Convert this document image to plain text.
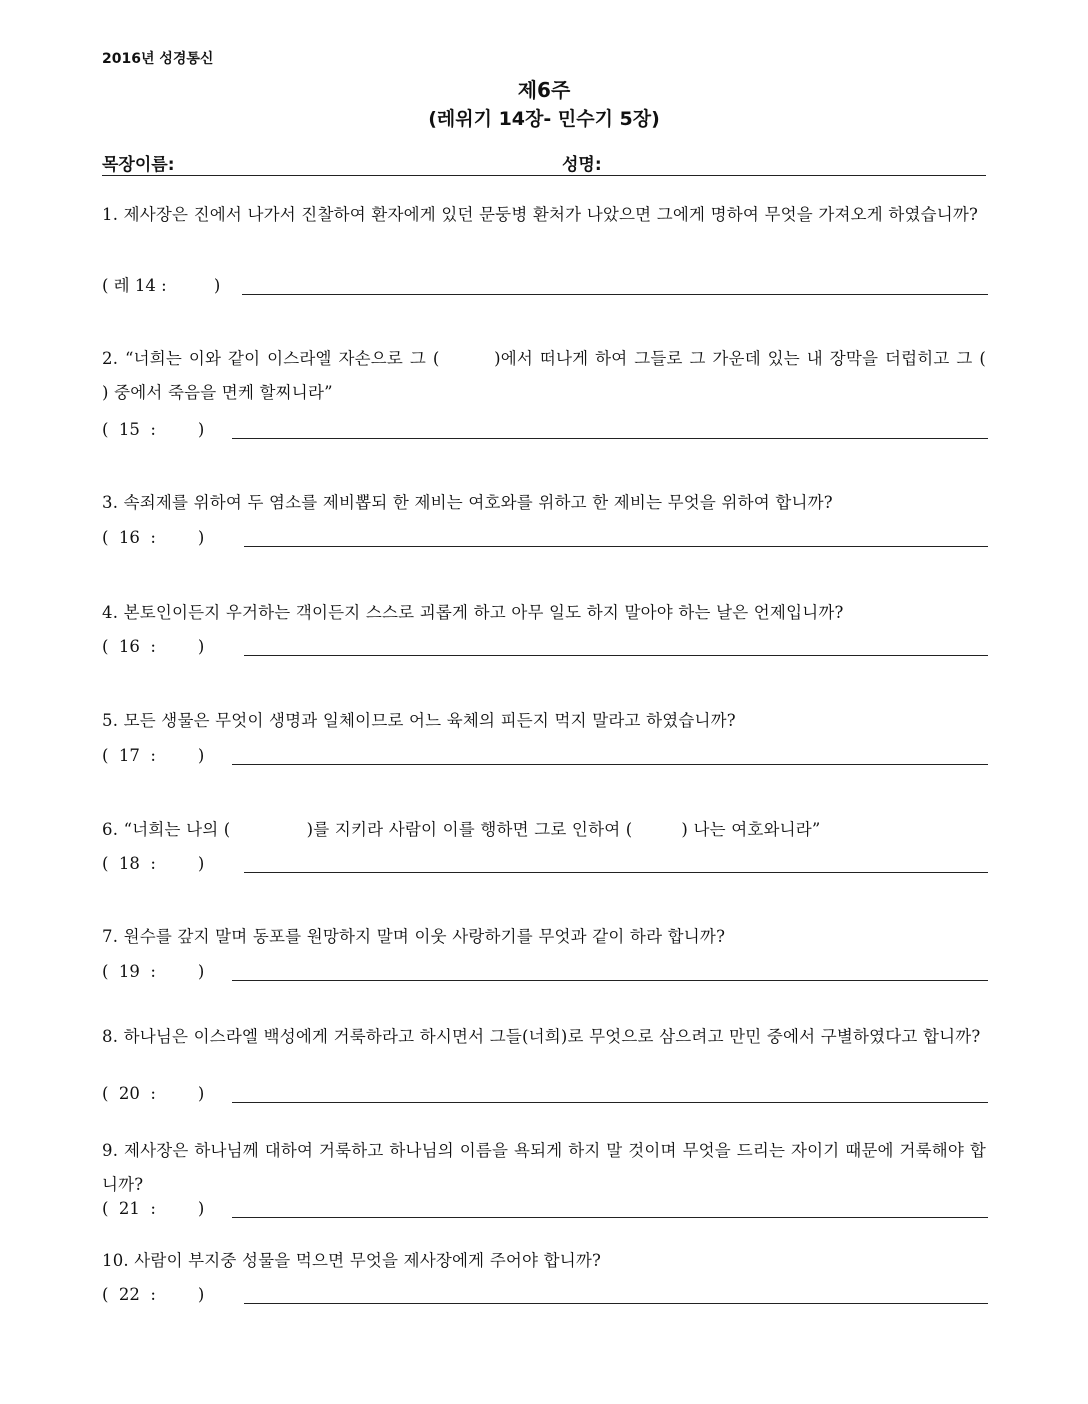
2016년 성경통신
제6주
(레위기 14장- 민수기 5장)
목장이름:	성명:
1. 제사장은 진에서 나가서 진찰하여 환자에게 있던 문둥병 환처가 나았으면 그에게 명하여 무엇을 가져오게 하였습니까?
( 레 14 :         )
2. “너희는 이와 같이 이스라엘 자손으로 그 (        )에서 떠나게 하여 그들로 그 가운데 있는 내 장막을 더럽히고 그 (            ) 중에서 죽음을 면케 할찌니라”
(  15  :        )
3. 속죄제를 위하여 두 염소를 제비뽑되 한 제비는 여호와를 위하고 한 제비는 무엇을 위하여 합니까?
(  16  :        )
4. 본토인이든지 우거하는 객이든지 스스로 괴롭게 하고 아무 일도 하지 말아야 하는 날은 언제입니까?
(  16  :        )
5. 모든 생물은 무엇이 생명과 일체이므로 어느 육체의 피든지 먹지 말라고 하였습니까?
(  17  :        )
6. “너희는 나의 (              )를 지키라 사람이 이를 행하면 그로 인하여 (         ) 나는 여호와니라”
(  18  :        )
7. 원수를 갚지 말며 동포를 원망하지 말며 이웃 사랑하기를 무엇과 같이 하라 합니까?
(  19  :        )
8. 하나님은 이스라엘 백성에게 거룩하라고 하시면서 그들(너희)로 무엇으로 삼으려고 만민 중에서 구별하였다고 합니까?
(  20  :        )
9. 제사장은 하나님께 대하여 거룩하고 하나님의 이름을 욕되게 하지 말 것이며 무엇을 드리는 자이기 때문에 거룩해야 합니까?
(  21  :        )
10. 사람이 부지중 성물을 먹으면 무엇을 제사장에게 주어야 합니까?
(  22  :        )
